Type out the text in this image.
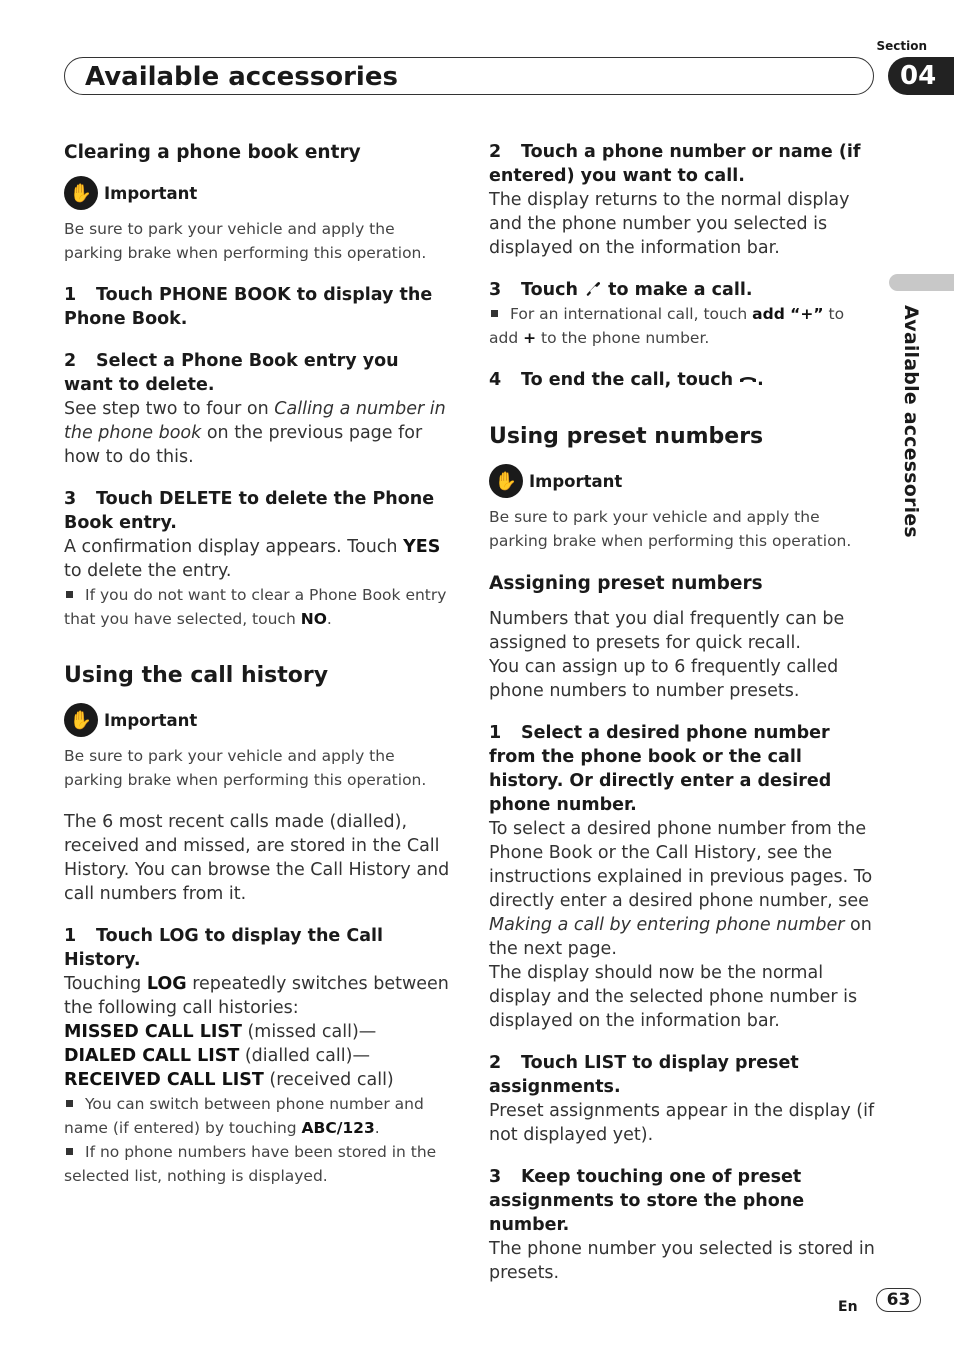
Section
Available accessories	04
Available accessories
Clearing a phone book entry
✋ Important

Be sure to park your vehicle and apply the parking brake when performing this operation.

1 Touch PHONE BOOK to display the Phone Book.

2 Select a Phone Book entry you want to delete.

See step two to four on Calling a number in the phone book on the previous page for how to do this.

3 Touch DELETE to delete the Phone Book entry.

A confirmation display appears. Touch YES to delete the entry.

If you do not want to clear a Phone Book entry that you have selected, touch NO.

Using the call history
✋ Important

Be sure to park your vehicle and apply the parking brake when performing this operation.

The 6 most recent calls made (dialled), received and missed, are stored in the Call History. You can browse the Call History and call numbers from it.

1 Touch LOG to display the Call History.

Touching LOG repeatedly switches between the following call histories:

MISSED CALL LIST (missed call)—

DIALED CALL LIST (dialled call)—

RECEIVED CALL LIST (received call)

You can switch between phone number and name (if entered) by touching ABC/123.

If no phone numbers have been stored in the selected list, nothing is displayed.

2 Touch a phone number or name (if entered) you want to call.

The display returns to the normal display and the phone number you selected is displayed on the information bar.

3 Touch  to make a call.

For an international call, touch add “+” to add + to the phone number.

4 To end the call, touch .

Using preset numbers
✋ Important

Be sure to park your vehicle and apply the parking brake when performing this operation.

Assigning preset numbers

Numbers that you dial frequently can be assigned to presets for quick recall.

You can assign up to 6 frequently called phone numbers to number presets.

1 Select a desired phone number from the phone book or the call history. Or directly enter a desired phone number.

To select a desired phone number from the Phone Book or the Call History, see the instructions explained in previous pages. To directly enter a desired phone number, see Making a call by entering phone number on the next page.

The display should now be the normal display and the selected phone number is displayed on the information bar.

2 Touch LIST to display preset assignments.

Preset assignments appear in the display (if not displayed yet).

3 Keep touching one of preset assignments to store the phone number.

The phone number you selected is stored in presets.

En	63
